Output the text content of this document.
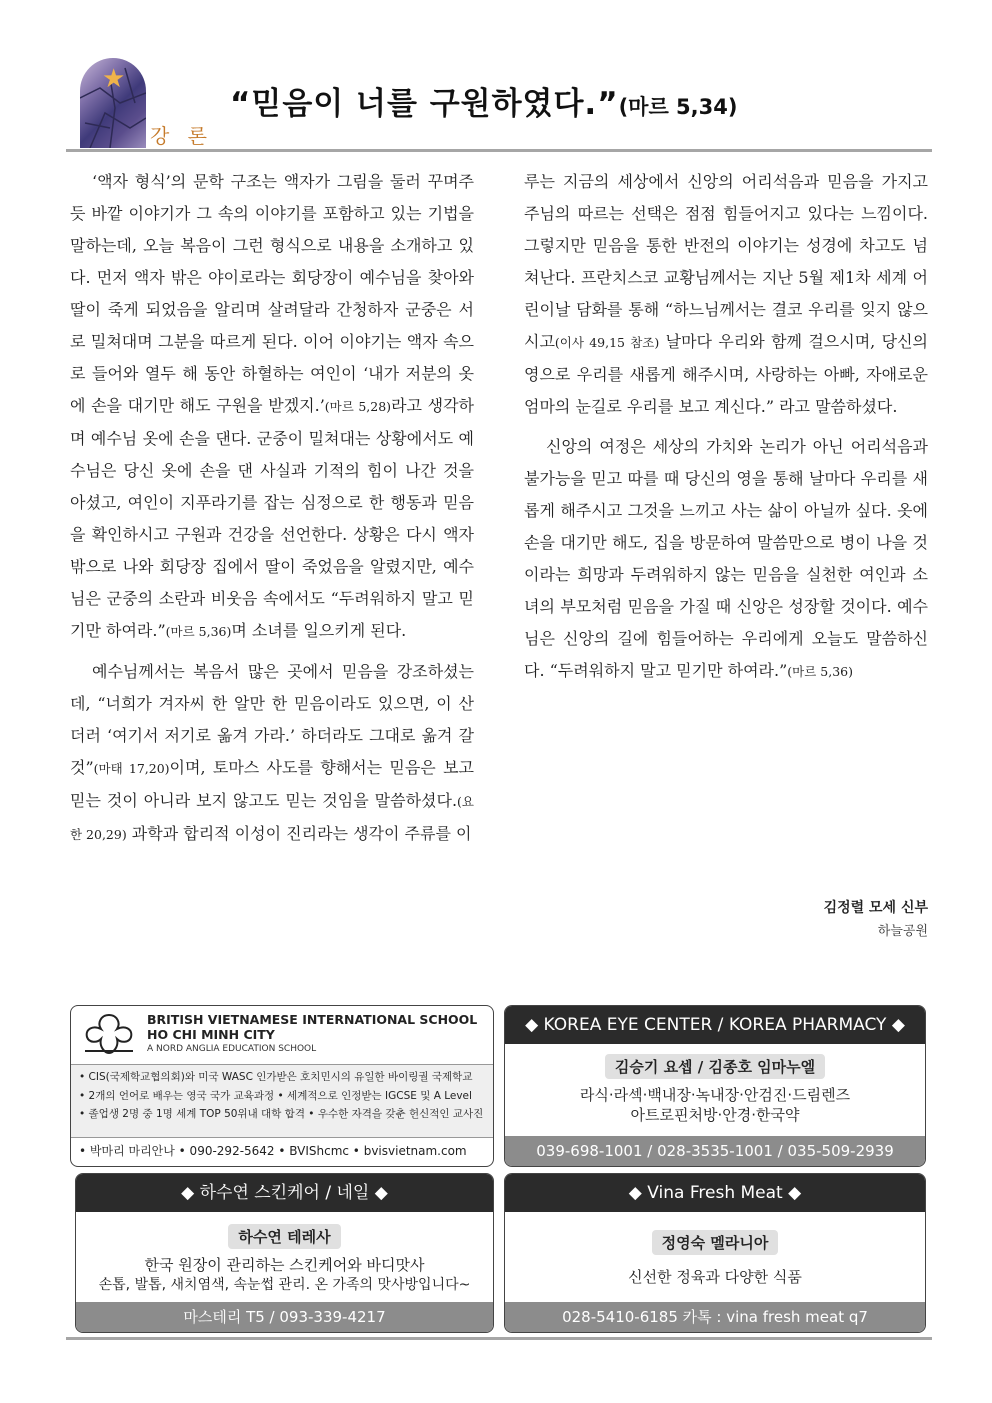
★
강 론
“믿음이 너를 구원하였다.”(마르 5,34)

‘액자 형식’의 문학 구조는 액자가 그림을 둘러 꾸며주듯 바깥 이야기가 그 속의 이야기를 포함하고 있는 기법을 말하는데, 오늘 복음이 그런 형식으로 내용을 소개하고 있다. 먼저 액자 밖은 야이로라는 회당장이 예수님을 찾아와 딸이 죽게 되었음을 알리며 살려달라 간청하자 군중은 서로 밀쳐대며 그분을 따르게 된다. 이어 이야기는 액자 속으로 들어와 열두 해 동안 하혈하는 여인이 ‘내가 저분의 옷에 손을 대기만 해도 구원을 받겠지.’(마르 5,28)라고 생각하며 예수님 옷에 손을 댄다. 군중이 밀쳐대는 상황에서도 예수님은 당신 옷에 손을 댄 사실과 기적의 힘이 나간 것을 아셨고, 여인이 지푸라기를 잡는 심정으로 한 행동과 믿음을 확인하시고 구원과 건강을 선언한다. 상황은 다시 액자 밖으로 나와 회당장 집에서 딸이 죽었음을 알렸지만, 예수님은 군중의 소란과 비웃음 속에서도 “두려워하지 말고 믿기만 하여라.”(마르 5,36)며 소녀를 일으키게 된다.

예수님께서는 복음서 많은 곳에서 믿음을 강조하셨는데, “너희가 겨자씨 한 알만 한 믿음이라도 있으면, 이 산더러 ‘여기서 저기로 옮겨 가라.’ 하더라도 그대로 옮겨 갈 것”(마태 17,20)이며, 토마스 사도를 향해서는 믿음은 보고 믿는 것이 아니라 보지 않고도 믿는 것임을 말씀하셨다.(요한 20,29) 과학과 합리적 이성이 진리라는 생각이 주류를 이

루는 지금의 세상에서 신앙의 어리석음과 믿음을 가지고 주님의 따르는 선택은 점점 힘들어지고 있다는 느낌이다. 그렇지만 믿음을 통한 반전의 이야기는 성경에 차고도 넘쳐난다. 프란치스코 교황님께서는 지난 5월 제1차 세계 어린이날 담화를 통해 “하느님께서는 결코 우리를 잊지 않으시고(이사 49,15 참조) 날마다 우리와 함께 걸으시며, 당신의 영으로 우리를 새롭게 해주시며, 사랑하는 아빠, 자애로운 엄마의 눈길로 우리를 보고 계신다.” 라고 말씀하셨다.

신앙의 여정은 세상의 가치와 논리가 아닌 어리석음과 불가능을 믿고 따를 때 당신의 영을 통해 날마다 우리를 새롭게 해주시고 그것을 느끼고 사는 삶이 아닐까 싶다. 옷에 손을 대기만 해도, 집을 방문하여 말씀만으로 병이 나을 것이라는 희망과 두려워하지 않는 믿음을 실천한 여인과 소녀의 부모처럼 믿음을 가질 때 신앙은 성장할 것이다. 예수님은 신앙의 길에 힘들어하는 우리에게 오늘도 말씀하신다. “두려워하지 말고 믿기만 하여라.”(마르 5,36)

김정렬 모세 신부
하늘공원
BRITISH VIETNAMESE INTERNATIONAL SCHOOL
HO CHI MINH CITY
A NORD ANGLIA EDUCATION SCHOOL
• CIS(국제학교협의회)와 미국 WASC 인가받은 호치민시의 유일한 바이링궐 국제학교
• 2개의 언어로 배우는 영국 국가 교육과정 • 세계적으로 인정받는 IGCSE 및 A Level
• 졸업생 2명 중 1명 세계 TOP 50위내 대학 합격 • 우수한 자격을 갖춘 헌신적인 교사진
• 박마리 마리안나 • 090-292-5642 • BVIShcmc • bvisvietnam.com
◆ KOREA EYE CENTER / KOREA PHARMACY ◆
김승기 요셉 / 김종호 임마누엘
라식·라섹·백내장·녹내장·안검진·드림렌즈
아트로핀처방·안경·한국약
039-698-1001 / 028-3535-1001 / 035-509-2939
◆ 하수연 스킨케어 / 네일 ◆
하수연 테레사
한국 원장이 관리하는 스킨케어와 바디맛사
손톱, 발톱, 새치염색, 속눈썹 관리. 온 가족의 맛사방입니다~
마스테리 T5 / 093-339-4217
◆ Vina Fresh Meat ◆
정영숙 멜라니아
신선한 정육과 다양한 식품
028-5410-6185 카톡 : vina fresh meat q7
